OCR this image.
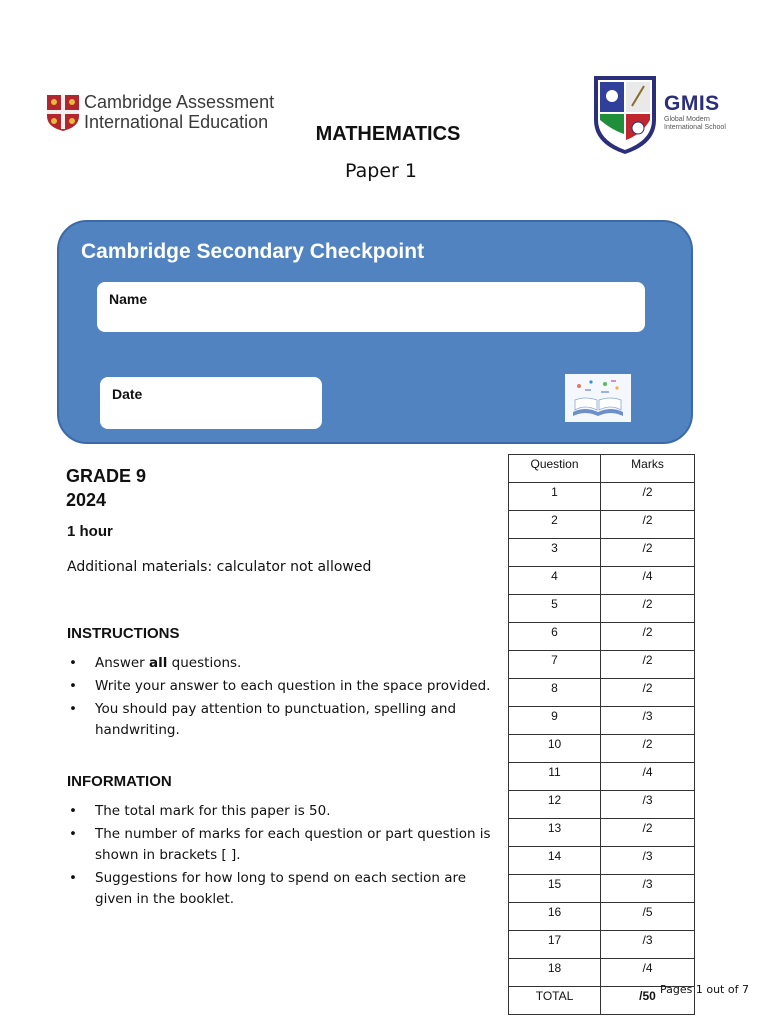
Cambridge Assessment
International Education
GMIS
Global Modern International School
MATHEMATICS
Paper 1
Cambridge Secondary Checkpoint
Name
Date
GRADE 9
2024
1 hour
Additional materials: calculator not allowed
INSTRUCTIONS
• Answer all questions.
• Write your answer to each question in the space provided.
• You should pay attention to punctuation, spelling and handwriting.
INFORMATION
• The total mark for this paper is 50.
• The number of marks for each question or part question is shown in brackets [ ].
• Suggestions for how long to spend on each section are given in the booklet.
Question	Marks
1	/2
2	/2
3	/2
4	/4
5	/2
6	/2
7	/2
8	/2
9	/3
10	/2
11	/4
12	/3
13	/2
14	/3
15	/3
16	/5
17	/3
18	/4
TOTAL	/50 Pages 1 out of 7
